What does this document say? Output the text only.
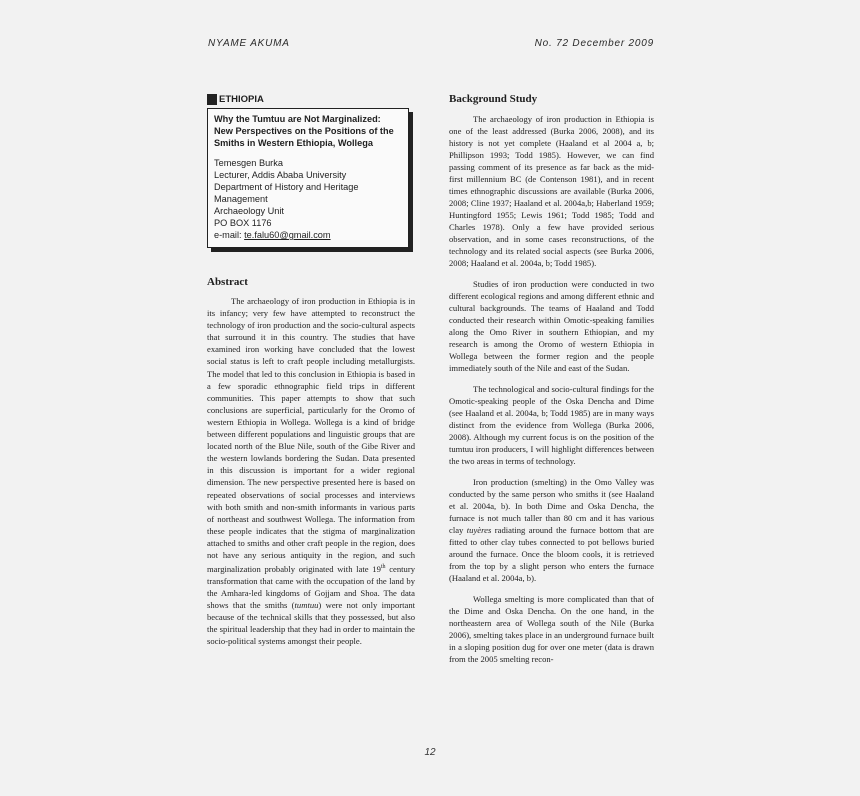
NYAME AKUMA	No. 72 December 2009
ETHIOPIA
Why the Tumtuu are Not Marginalized: New Perspectives on the Positions of the Smiths in Western Ethiopia, Wollega
Temesgen Burka
Lecturer, Addis Ababa University
Department of History and Heritage Management
Archaeology Unit
PO BOX 1176
e-mail: te.falu60@gmail.com
Abstract

The archaeology of iron production in Ethiopia is in its infancy; very few have attempted to reconstruct the technology of iron production and the socio-cultural aspects that surround it in this country. The studies that have examined iron working have concluded that the lowest social status is left to craft people including metallurgists. The model that led to this conclusion in Ethiopia is based in a few sporadic ethnographic field trips in different communities. This paper attempts to show that such conclusions are superficial, particularly for the Oromo of western Ethiopia in Wollega. Wollega is a kind of bridge between different populations and linguistic groups that are located north of the Blue Nile, south of the Gibe River and the western lowlands bordering the Sudan. Data presented in this discussion is important for a wider regional dimension. The new perspective presented here is based on repeated observations of social processes and interviews with both smith and non-smith informants in various parts of northeast and southwest Wollega. The information from these people indicates that the stigma of marginalization attached to smiths and other craft people in the region, does not have any serious antiquity in the region, and such marginalization probably originated with late 19th century transformation that came with the occupation of the land by the Amhara-led kingdoms of Gojjam and Shoa. The data shows that the smiths (tumtuu) were not only important because of the technical skills that they possessed, but also the spiritual leadership that they had in order to maintain the socio-political systems amongst their people.

Background Study

The archaeology of iron production in Ethiopia is one of the least addressed (Burka 2006, 2008), and its history is not yet complete (Haaland et al 2004 a, b; Phillipson 1993; Todd 1985). However, we can find passing comment of its presence as far back as the mid-first millennium BC (de Contenson 1981), and in recent times ethnographic discussions are available (Burka 2006, 2008; Cline 1937; Haaland et al. 2004a,b; Haberland 1959; Huntingford 1955; Lewis 1961; Todd 1985; Todd and Charles 1978). Only a few have provided serious observation, and in some cases reconstructions, of the technology and its related social aspects (see Burka 2006, 2008; Haaland et al. 2004a, b; Todd 1985).

Studies of iron production were conducted in two different ecological regions and among different ethnic and cultural backgrounds. The teams of Haaland and Todd conducted their research within Omotic-speaking families along the Omo River in southern Ethiopian, and my research is among the Oromo of western Ethiopia in Wollega between the former region and the people immediately south of the Nile and east of the Sudan.

The technological and socio-cultural findings for the Omotic-speaking people of the Oska Dencha and Dime (see Haaland et al. 2004a, b; Todd 1985) are in many ways distinct from the evidence from Wollega (Burka 2006, 2008). Although my current focus is on the position of the tumtuu iron producers, I will highlight differences between the two areas in terms of technology.

Iron production (smelting) in the Omo Valley was conducted by the same person who smiths it (see Haaland et al. 2004a, b). In both Dime and Oska Dencha, the furnace is not much taller than 80 cm and it has various clay tuyères radiating around the furnace bottom that are fitted to other clay tubes connected to pot bellows buried around the furnace. Once the bloom cools, it is retrieved from the top by a slight person who enters the furnace (Haaland et al. 2004a, b).

Wollega smelting is more complicated than that of the Dime and Oska Dencha. On the one hand, in the northeastern area of Wollega south of the Nile (Burka 2006), smelting takes place in an underground furnace built in a sloping position dug for over one meter (data is drawn from the 2005 smelting recon-

12
